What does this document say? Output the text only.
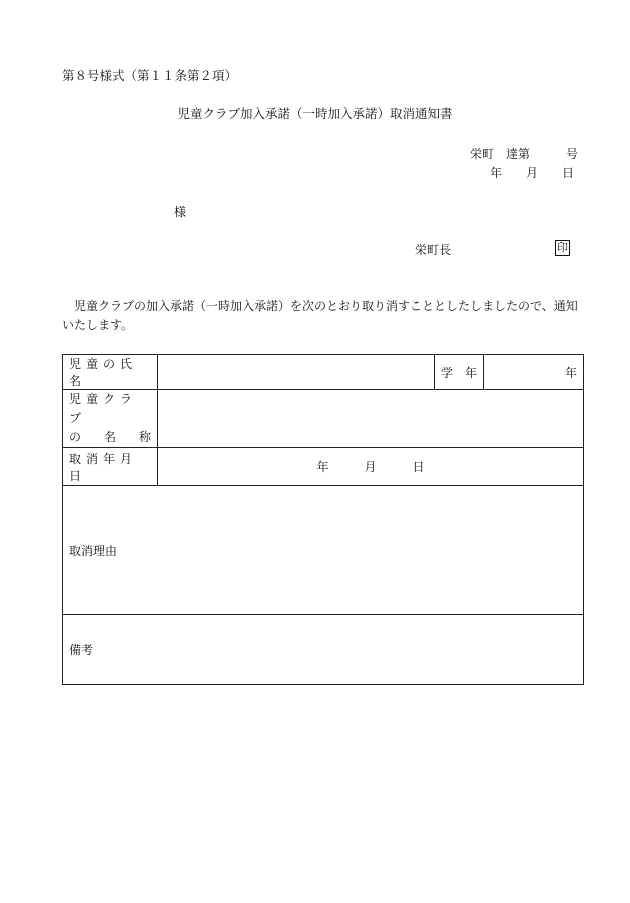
第８号様式（第１１条第２項）
児童クラブ加入承諾（一時加入承諾）取消通知書
栄町　達第　　　号
年　　月　　日
様
栄町長	印
児童クラブの加入承諾（一時加入承諾）を次のとおり取り消すこととしたしましたので、通知いたします。
児童の氏名		学　年	年

児童クラブ
の 名 称			

取消年月日	年　　　月　　　日		
取消理由			
備考			
